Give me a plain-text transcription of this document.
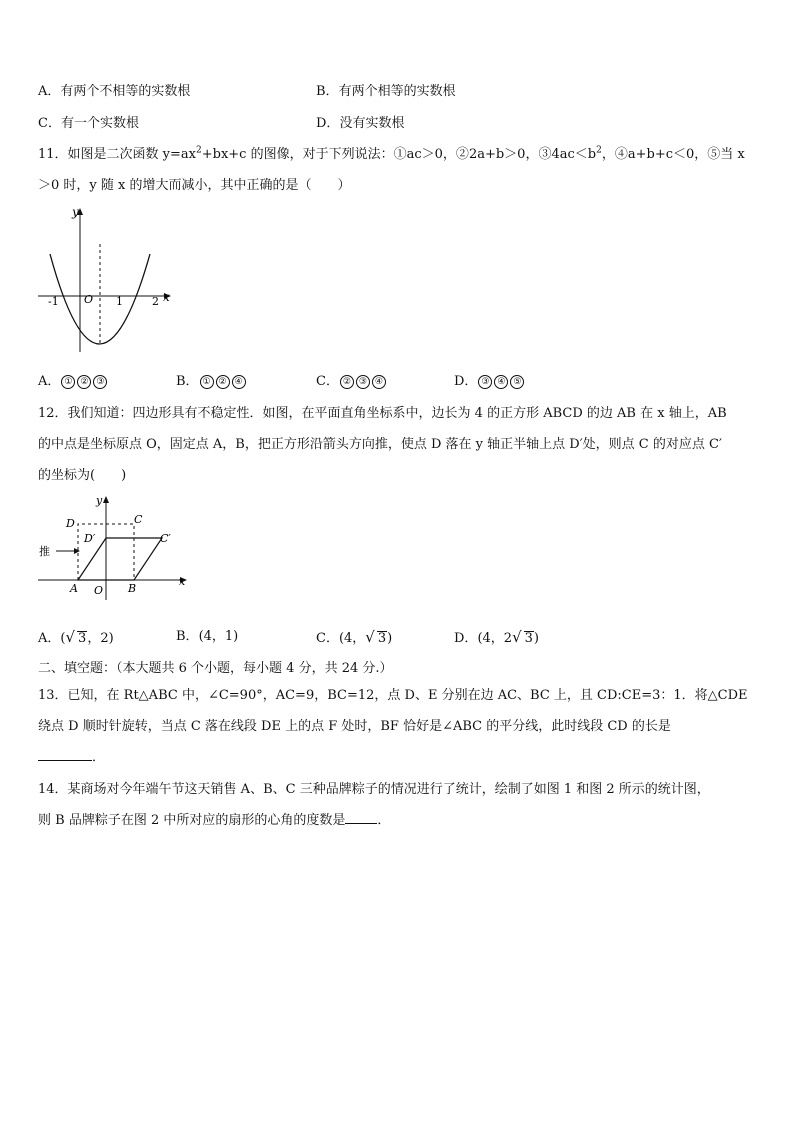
A．有两个不相等的实数根	B．有两个相等的实数根
C．有一个实数根	D．没有实数根
11．如图是二次函数 $y=ax^2+bx+c$ 的图像，对于下列说法：①ac＞0，②2a+b＞0，$③4ac<b^2$，④a+b+c＜0，⑤当 x
＞0 时，y 随 x 的增大而减小，其中正确的是（　　）
y
x
-1 O 1	2
A． ① ② ③	B． ① ② ④	C． ② ③ ④	D． ③ ④ ⑤
12．我们知道：四边形具有不稳定性．如图，在平面直角坐标系中，边长为 4 的正方形 ABCD 的边 AB 在 x 轴上，AB
的中点是坐标原点 O，固定点 A，B，把正方形沿箭头方向推，使点 D 落在 y 轴正半轴上点 D′处，则点 C 的对应点 C′
的坐标为(　　)
推
y
x
D	C
D′	C′
A O B
A．(√ 3，2)	B．(4，1)	C．(4，√ 3)	D．(4，2√ 3)
二、填空题：（本大题共 6 个小题，每小题 4 分，共 24 分.）
13．已知，在 Rt△ABC 中，∠C=90°，AC=9，BC=12，点 D、E 分别在边 AC、BC 上，且 CD:CE=3：1．将△CDE
绕点 D 顺时针旋转，当点 C 落在线段 DE 上的点 F 处时，BF 恰好是∠ABC 的平分线，此时线段 CD 的长是
．
14．某商场对今年端午节这天销售 A、B、C 三种品牌粽子的情况进行了统计，绘制了如图 1 和图 2 所示的统计图，
则 B 品牌粽子在图 2 中所对应的扇形的心角的度数是 ．
